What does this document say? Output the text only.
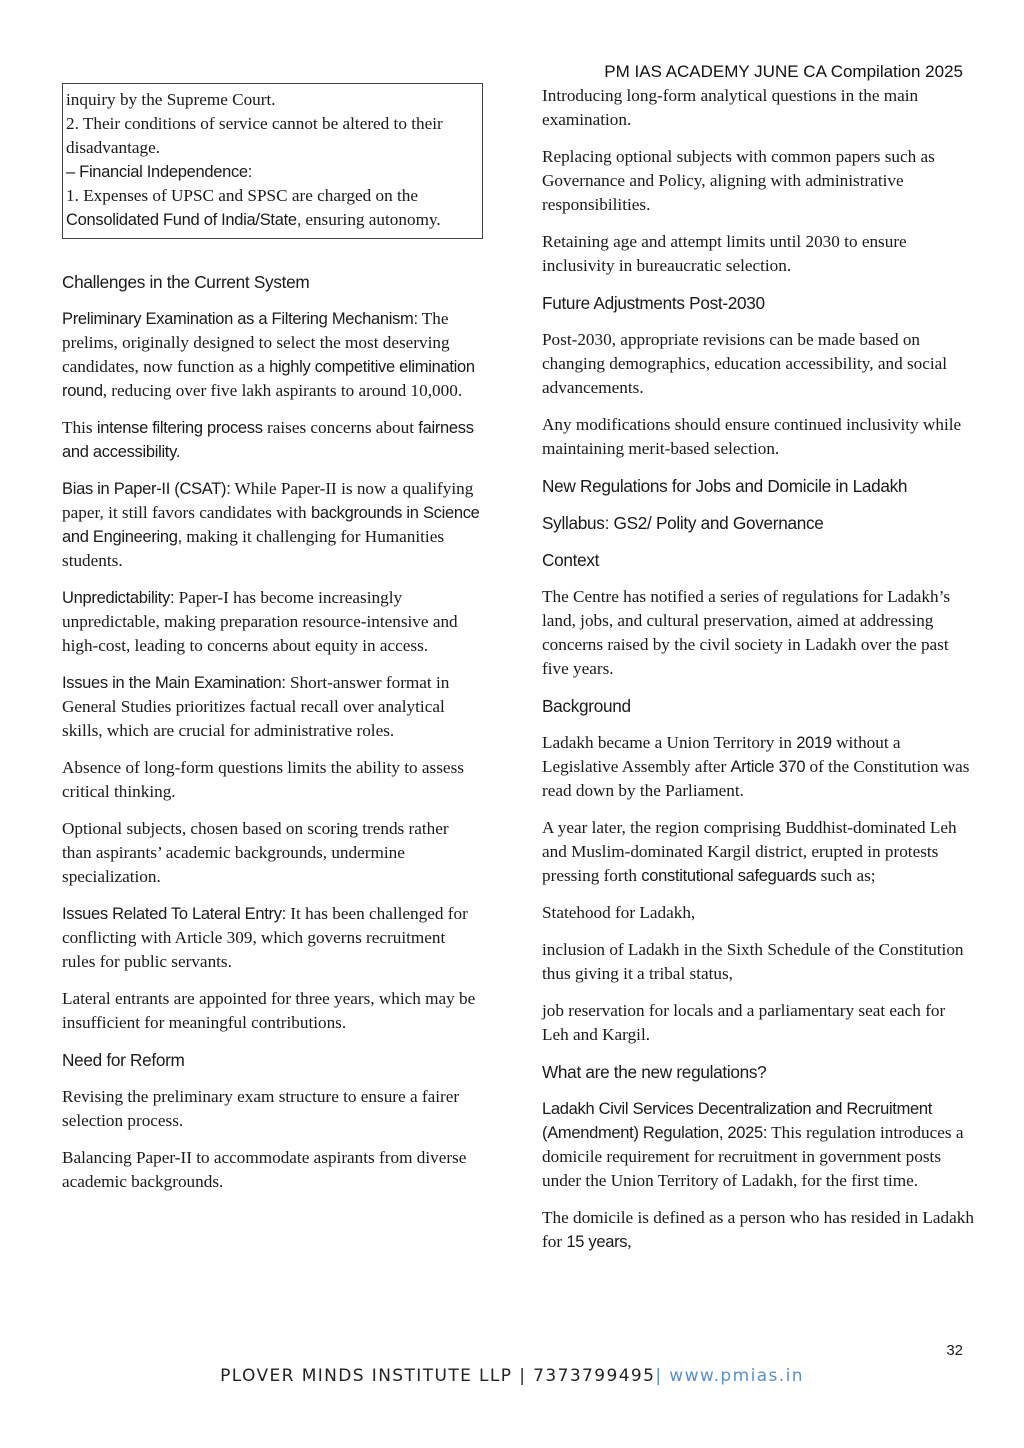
PM IAS ACADEMY JUNE CA Compilation 2025

inquiry by the Supreme Court.

2. Their conditions of service cannot be altered to their disadvantage.

– Financial Independence:

1. Expenses of UPSC and SPSC are charged on the Consolidated Fund of India/State, ensuring autonomy.

Challenges in the Current System

Preliminary Examination as a Filtering Mechanism: The prelims, originally designed to select the most deserving candidates, now function as a highly competitive elimination round, reducing over five lakh aspirants to around 10,000.

This intense filtering process raises concerns about fairness and accessibility.

Bias in Paper-II (CSAT): While Paper-II is now a qualifying paper, it still favors candidates with backgrounds in Science and Engineering, making it challenging for Humanities students.

Unpredictability: Paper-I has become increasingly unpredictable, making preparation resource-intensive and high-cost, leading to concerns about equity in access.

Issues in the Main Examination: Short-answer format in General Studies prioritizes factual recall over analytical skills, which are crucial for administrative roles.

Absence of long-form questions limits the ability to assess critical thinking.

Optional subjects, chosen based on scoring trends rather than aspirants’ academic backgrounds, undermine specialization.

Issues Related To Lateral Entry: It has been challenged for conflicting with Article 309, which governs recruitment rules for public servants.

Lateral entrants are appointed for three years, which may be insufficient for meaningful contributions.

Need for Reform

Revising the preliminary exam structure to ensure a fairer selection process.

Balancing Paper-II to accommodate aspirants from diverse academic backgrounds.

Introducing long-form analytical questions in the main examination.

Replacing optional subjects with common papers such as Governance and Policy, aligning with administrative responsibilities.

Retaining age and attempt limits until 2030 to ensure inclusivity in bureaucratic selection.

Future Adjustments Post-2030

Post-2030, appropriate revisions can be made based on changing demographics, education accessibility, and social advancements.

Any modifications should ensure continued inclusivity while maintaining merit-based selection.

New Regulations for Jobs and Domicile in Ladakh

Syllabus: GS2/ Polity and Governance

Context

The Centre has notified a series of regulations for Ladakh’s land, jobs, and cultural preservation, aimed at addressing concerns raised by the civil society in Ladakh over the past five years.

Background

Ladakh became a Union Territory in 2019 without a Legislative Assembly after Article 370 of the Constitution was read down by the Parliament.

A year later, the region comprising Buddhist-dominated Leh and Muslim-dominated Kargil district, erupted in protests pressing forth constitutional safeguards such as;

Statehood for Ladakh,

inclusion of Ladakh in the Sixth Schedule of the Constitution thus giving it a tribal status,

job reservation for locals and a parliamentary seat each for Leh and Kargil.

What are the new regulations?

Ladakh Civil Services Decentralization and Recruitment (Amendment) Regulation, 2025: This regulation introduces a domicile requirement for recruitment in government posts under the Union Territory of Ladakh, for the first time.

The domicile is defined as a person who has resided in Ladakh for 15 years,

32
PLOVER MINDS INSTITUTE LLP | 7373799495| www.pmias.in
